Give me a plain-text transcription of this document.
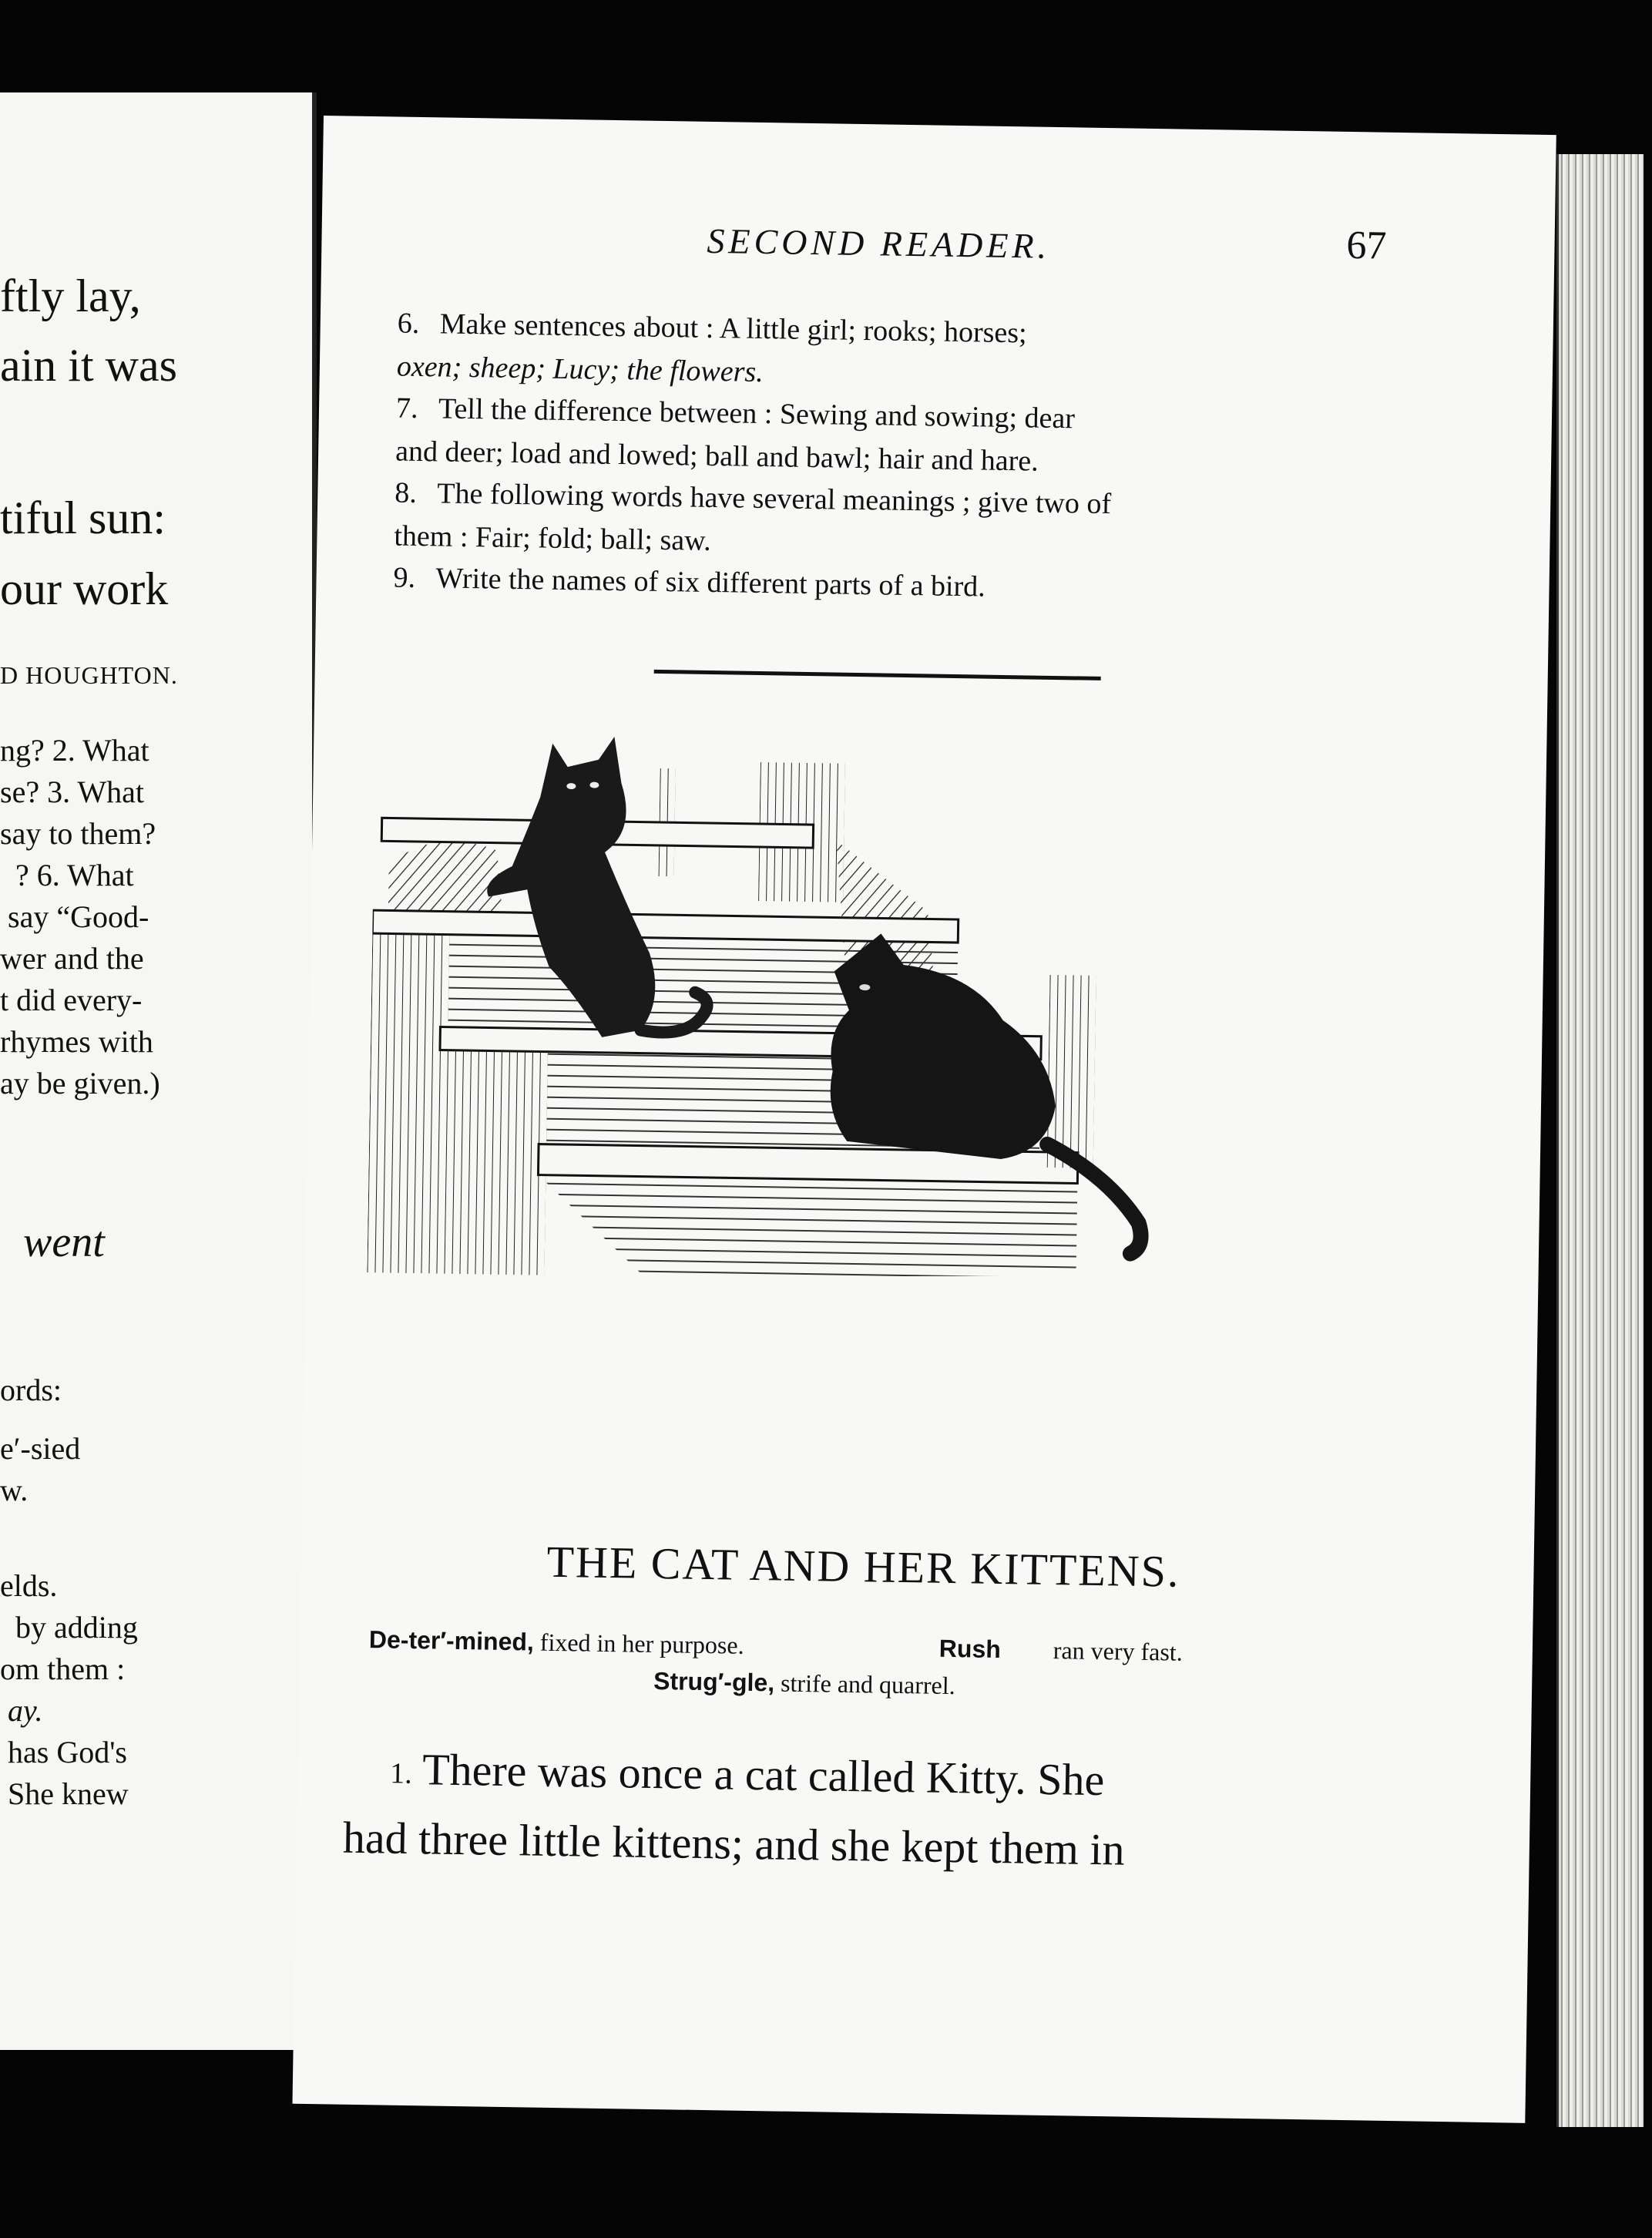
ftly lay,
ain it was
tiful sun:
our work
D HOUGHTON.
ng? 2. What
se? 3. What
say to them?
? 6. What
say “Good-
wer and the
t did every-
rhymes with
ay be given.)
went
ords:
e′-sied
w.
elds.
by adding
om them :
ay.
has God's
She knew
SECOND READER.	67
6. Make sentences about : A little girl; rooks; horses;
oxen; sheep; Lucy; the flowers.
7. Tell the difference between : Sewing and sowing; dear
and deer; load and lowed; ball and bawl; hair and hare.
8. The following words have several meanings ; give two of
them : Fair; fold; ball; saw.
9. Write the names of six different parts of a bird.
THE CAT AND HER KITTENS.
De-ter′-mined, fixed in her purpose.	Rush ran very fast.
Strug′-gle, strife and quarrel.
1. There was once a cat called Kitty. She
had three little kittens; and she kept them in
